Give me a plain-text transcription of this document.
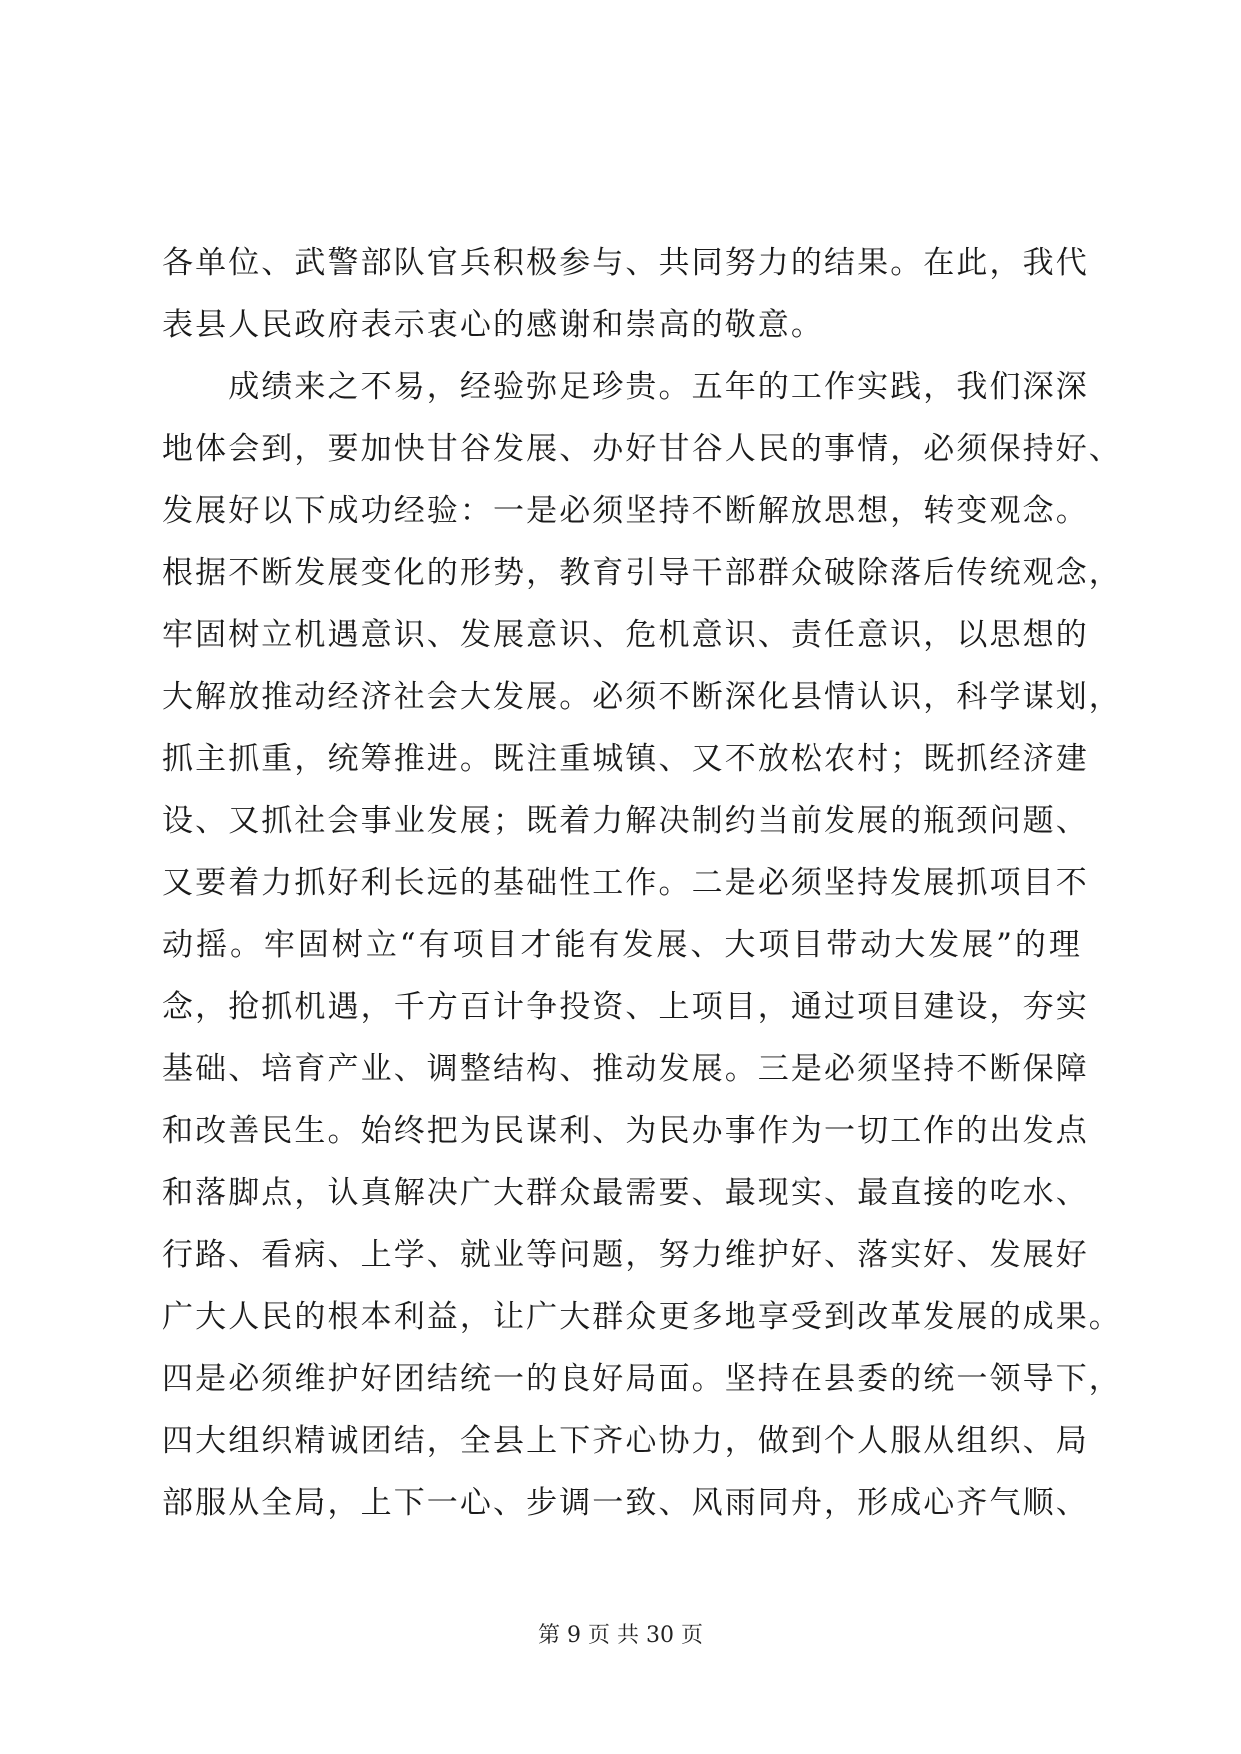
各单位、武警部队官兵积极参与、共同努力的结果。在此，我代
表县人民政府表示衷心的感谢和崇高的敬意。
　　成绩来之不易，经验弥足珍贵。五年的工作实践，我们深深
地体会到，要加快甘谷发展、办好甘谷人民的事情，必须保持好、
发展好以下成功经验：一是必须坚持不断解放思想，转变观念。
根据不断发展变化的形势，教育引导干部群众破除落后传统观念，
牢固树立机遇意识、发展意识、危机意识、责任意识，以思想的
大解放推动经济社会大发展。必须不断深化县情认识，科学谋划，
抓主抓重，统筹推进。既注重城镇、又不放松农村；既抓经济建
设、又抓社会事业发展；既着力解决制约当前发展的瓶颈问题、
又要着力抓好利长远的基础性工作。二是必须坚持发展抓项目不
动摇。牢固树立“有项目才能有发展、大项目带动大发展”的理
念，抢抓机遇，千方百计争投资、上项目，通过项目建设，夯实
基础、培育产业、调整结构、推动发展。三是必须坚持不断保障
和改善民生。始终把为民谋利、为民办事作为一切工作的出发点
和落脚点，认真解决广大群众最需要、最现实、最直接的吃水、
行路、看病、上学、就业等问题，努力维护好、落实好、发展好
广大人民的根本利益，让广大群众更多地享受到改革发展的成果。
四是必须维护好团结统一的良好局面。坚持在县委的统一领导下，
四大组织精诚团结，全县上下齐心协力，做到个人服从组织、局
部服从全局，上下一心、步调一致、风雨同舟，形成心齐气顺、
第 9 页 共 30 页
